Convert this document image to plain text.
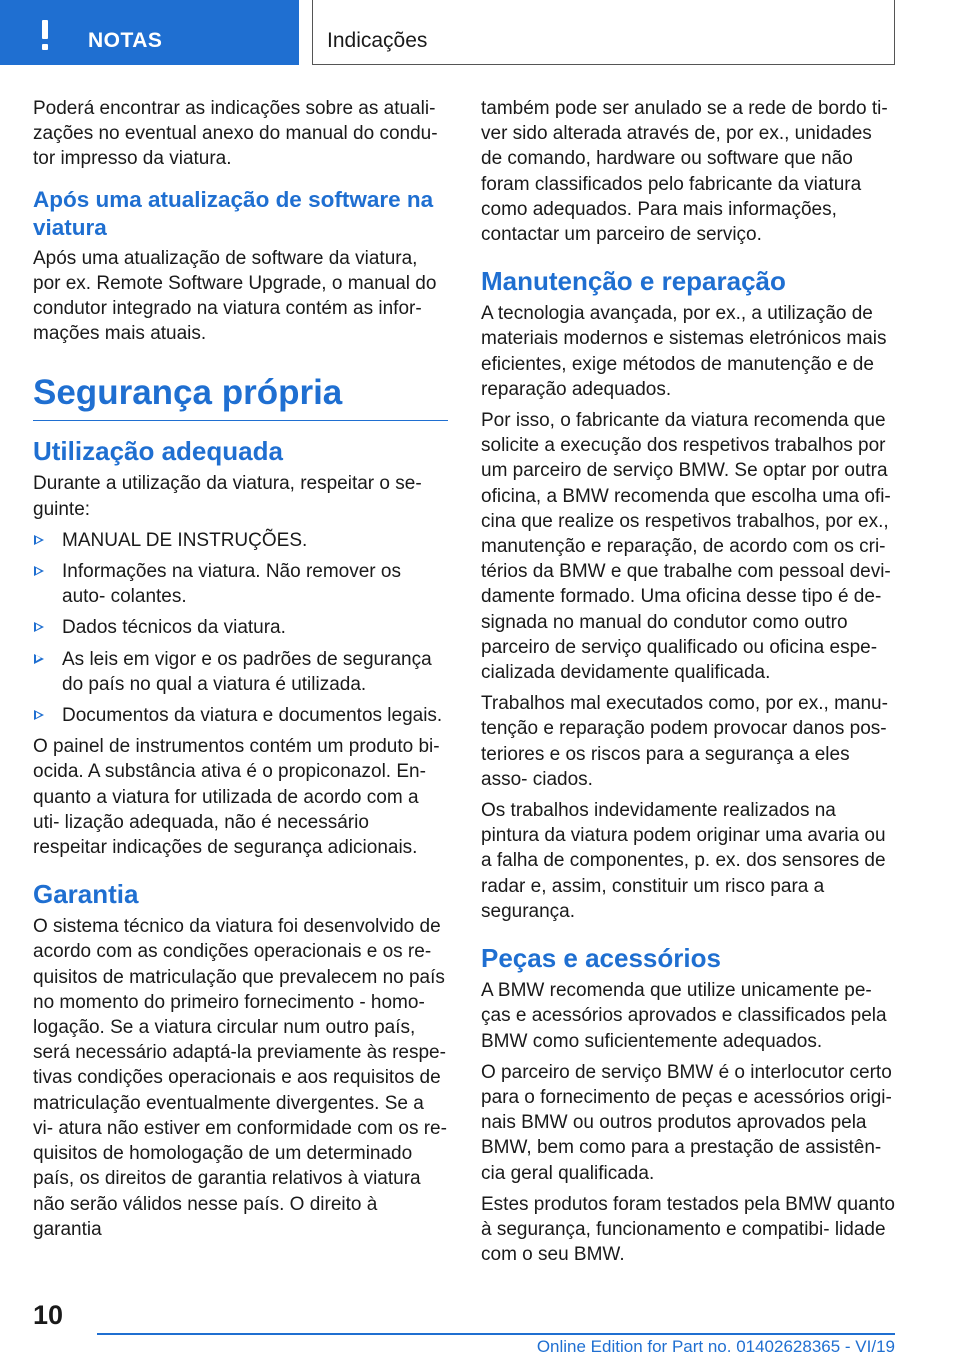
NOTAS	Indicações

Poderá encontrar as indicações sobre as atuali- zações no eventual anexo do manual do condu- tor impresso da viatura.

Após uma atualização de software na viatura

Após uma atualização de software da viatura, por ex. Remote Software Upgrade, o manual do condutor integrado na viatura contém as infor- mações mais atuais.

Segurança própria
Utilização adequada

Durante a utilização da viatura, respeitar o se- guinte:

MANUAL DE INSTRUÇÕES.
Informações na viatura. Não remover os auto- colantes.
Dados técnicos da viatura.
As leis em vigor e os padrões de segurança do país no qual a viatura é utilizada.
Documentos da viatura e documentos legais.

O painel de instrumentos contém um produto bi- ocida. A substância ativa é o propiconazol. En- quanto a viatura for utilizada de acordo com a uti- lização adequada, não é necessário respeitar indicações de segurança adicionais.

Garantia

O sistema técnico da viatura foi desenvolvido de acordo com as condições operacionais e os re- quisitos de matriculação que prevalecem no país no momento do primeiro fornecimento - homo- logação. Se a viatura circular num outro país, será necessário adaptá-la previamente às respe- tivas condições operacionais e aos requisitos de matriculação eventualmente divergentes. Se a vi- atura não estiver em conformidade com os re- quisitos de homologação de um determinado país, os direitos de garantia relativos à viatura não serão válidos nesse país. O direito à garantia

também pode ser anulado se a rede de bordo ti- ver sido alterada através de, por ex., unidades de comando, hardware ou software que não foram classificados pelo fabricante da viatura como adequados. Para mais informações, contactar um parceiro de serviço.

Manutenção e reparação

A tecnologia avançada, por ex., a utilização de materiais modernos e sistemas eletrónicos mais eficientes, exige métodos de manutenção e de reparação adequados.

Por isso, o fabricante da viatura recomenda que solicite a execução dos respetivos trabalhos por um parceiro de serviço BMW. Se optar por outra oficina, a BMW recomenda que escolha uma ofi- cina que realize os respetivos trabalhos, por ex., manutenção e reparação, de acordo com os cri- térios da BMW e que trabalhe com pessoal devi- damente formado. Uma oficina desse tipo é de- signada no manual do condutor como outro parceiro de serviço qualificado ou oficina espe- cializada devidamente qualificada.

Trabalhos mal executados como, por ex., manu- tenção e reparação podem provocar danos pos- teriores e os riscos para a segurança a eles asso- ciados.

Os trabalhos indevidamente realizados na pintura da viatura podem originar uma avaria ou a falha de componentes, p. ex. dos sensores de radar e, assim, constituir um risco para a segurança.

Peças e acessórios

A BMW recomenda que utilize unicamente pe- ças e acessórios aprovados e classificados pela BMW como suficientemente adequados.

O parceiro de serviço BMW é o interlocutor certo para o fornecimento de peças e acessórios origi- nais BMW ou outros produtos aprovados pela BMW, bem como para a prestação de assistên- cia geral qualificada.

Estes produtos foram testados pela BMW quanto à segurança, funcionamento e compatibi- lidade com o seu BMW.

10
Online Edition for Part no. 01402628365 - VI/19
